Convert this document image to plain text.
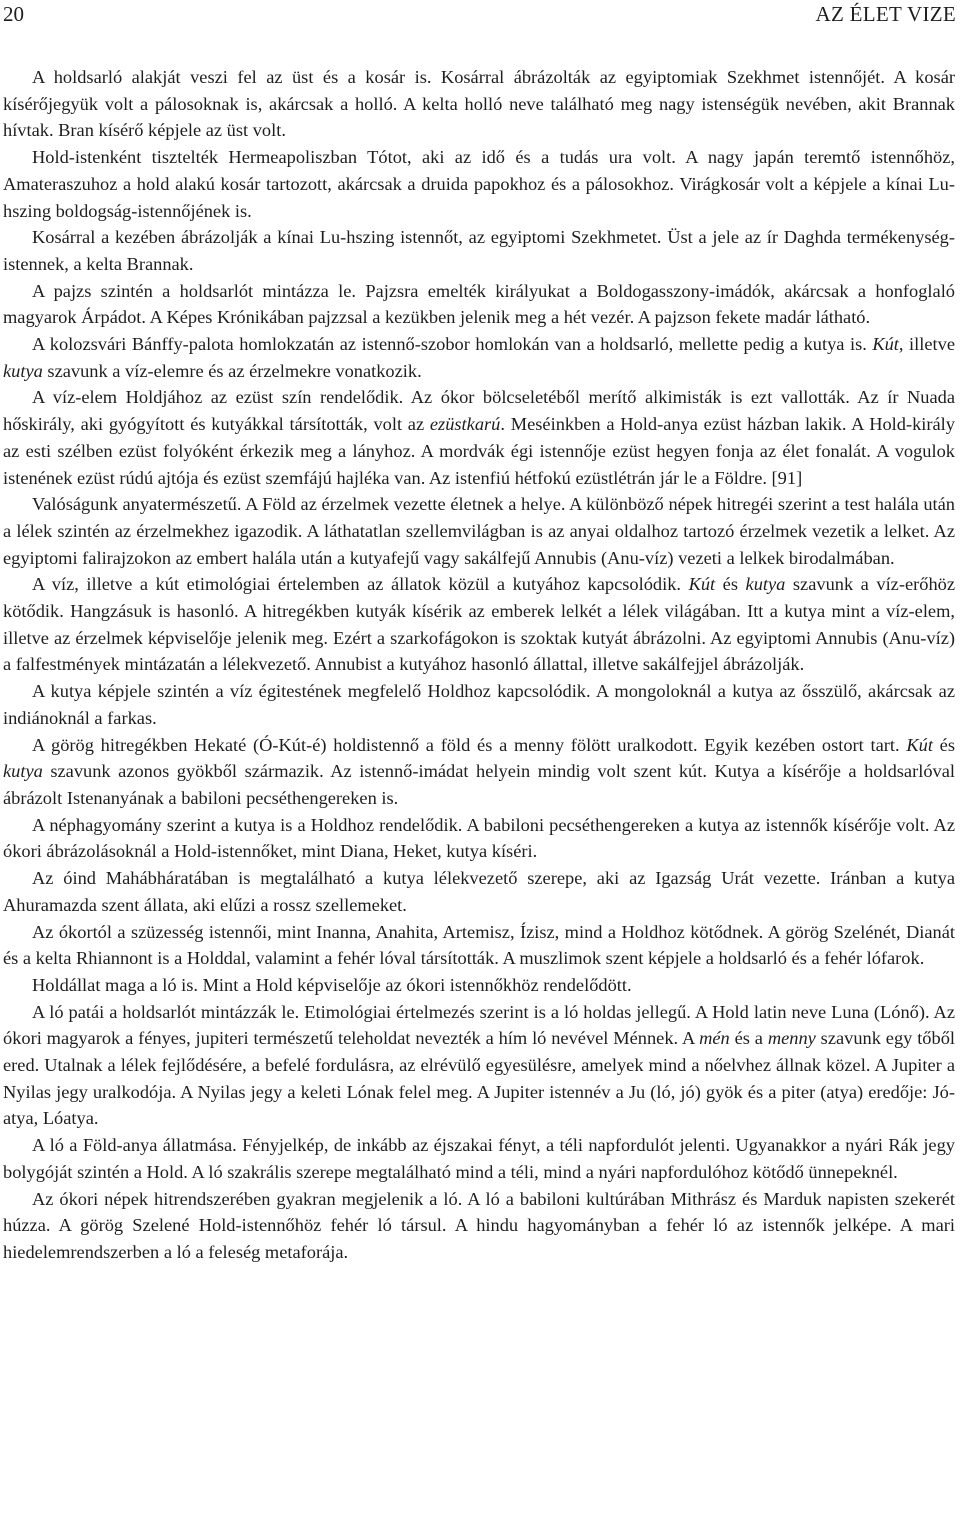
20	AZ ÉLET VIZE

A holdsarló alakját veszi fel az üst és a kosár is. Kosárral ábrázolták az egyiptomiak Szekhmet istennőjét. A kosár kísérőjegyük volt a pálosoknak is, akárcsak a holló. A kelta holló neve található meg nagy istenségük nevében, akit Brannak hívtak. Bran kísérő képjele az üst volt.

Hold-istenként tisztelték Hermeapoliszban Tótot, aki az idő és a tudás ura volt. A nagy japán teremtő istennőhöz, Amateraszuhoz a hold alakú kosár tartozott, akárcsak a druida papokhoz és a pálosokhoz. Virágkosár volt a képjele a kínai Lu-hszing boldogság-istennőjének is.

Kosárral a kezében ábrázolják a kínai Lu-hszing istennőt, az egyiptomi Szekhmetet. Üst a jele az ír Daghda termékenység-istennek, a kelta Brannak.

A pajzs szintén a holdsarlót mintázza le. Pajzsra emelték királyukat a Boldogasszony-imádók, akárcsak a honfoglaló magyarok Árpádot. A Képes Krónikában pajzzsal a kezükben jelenik meg a hét vezér. A pajzson fekete madár látható.

A kolozsvári Bánffy-palota homlokzatán az istennő-szobor homlokán van a holdsarló, mellette pedig a kutya is. Kút, illetve kutya szavunk a víz-elemre és az érzelmekre vonatkozik.

A víz-elem Holdjához az ezüst szín rendelődik. Az ókor bölcseletéből merítő alkimisták is ezt vallották. Az ír Nuada hőskirály, aki gyógyított és kutyákkal társították, volt az ezüstkarú. Meséinkben a Hold-anya ezüst házban lakik. A Hold-király az esti szélben ezüst folyóként érkezik meg a lányhoz. A mordvák égi istennője ezüst hegyen fonja az élet fonalát. A vogulok istenének ezüst rúdú ajtója és ezüst szemfájú hajléka van. Az istenfiú hétfokú ezüstlétrán jár le a Földre. [91]

Valóságunk anyatermészetű. A Föld az érzelmek vezette életnek a helye. A különböző népek hitregéi szerint a test halála után a lélek szintén az érzelmekhez igazodik. A láthatatlan szellemvilágban is az anyai oldalhoz tartozó érzelmek vezetik a lelket. Az egyiptomi falirajzokon az embert halála után a kutyafejű vagy sakálfejű Annubis (Anu-víz) vezeti a lelkek birodalmában.

A víz, illetve a kút etimológiai értelemben az állatok közül a kutyához kapcsolódik. Kút és kutya szavunk a víz-erőhöz kötődik. Hangzásuk is hasonló. A hitregékben kutyák kísérik az emberek lelkét a lélek világában. Itt a kutya mint a víz-elem, illetve az érzelmek képviselője jelenik meg. Ezért a szarkofágokon is szoktak kutyát ábrázolni. Az egyiptomi Annubis (Anu-víz) a falfestmények mintázatán a lélekvezető. Annubist a kutyához hasonló állattal, illetve sakálfejjel ábrázolják.

A kutya képjele szintén a víz égitestének megfelelő Holdhoz kapcsolódik. A mongoloknál a kutya az ősszülő, akárcsak az indiánoknál a farkas.

A görög hitregékben Hekaté (Ó-Kút-é) holdistennő a föld és a menny fölött uralkodott. Egyik kezében ostort tart. Kút és kutya szavunk azonos gyökből származik. Az istennő-imádat helyein mindig volt szent kút. Kutya a kísérője a holdsarlóval ábrázolt Istenanyának a babiloni pecséthengereken is.

A néphagyomány szerint a kutya is a Holdhoz rendelődik. A babiloni pecséthengereken a kutya az istennők kísérője volt. Az ókori ábrázolásoknál a Hold-istennőket, mint Diana, Heket, kutya kíséri.

Az óind Mahábháratában is megtalálható a kutya lélekvezető szerepe, aki az Igazság Urát vezette. Iránban a kutya Ahuramazda szent állata, aki elűzi a rossz szellemeket.

Az ókortól a szüzesség istennői, mint Inanna, Anahita, Artemisz, Ízisz, mind a Holdhoz kötődnek. A görög Szelénét, Dianát és a kelta Rhiannont is a Holddal, valamint a fehér lóval társították. A muszlimok szent képjele a holdsarló és a fehér lófarok.

Holdállat maga a ló is. Mint a Hold képviselője az ókori istennőkhöz rendelődött.

A ló patái a holdsarlót mintázzák le. Etimológiai értelmezés szerint is a ló holdas jellegű. A Hold latin neve Luna (Lónő). Az ókori magyarok a fényes, jupiteri természetű teleholdat nevezték a hím ló nevével Ménnek. A mén és a menny szavunk egy tőből ered. Utalnak a lélek fejlődésére, a befelé fordulásra, az elrévülő egyesülésre, amelyek mind a nőelvhez állnak közel. A Jupiter a Nyilas jegy uralkodója. A Nyilas jegy a keleti Lónak felel meg. A Jupiter istennév a Ju (ló, jó) gyök és a piter (atya) eredője: Jó-atya, Lóatya.

A ló a Föld-anya állatmása. Fényjelkép, de inkább az éjszakai fényt, a téli napfordulót jelenti. Ugyanakkor a nyári Rák jegy bolygóját szintén a Hold. A ló szakrális szerepe megtalálható mind a téli, mind a nyári napfordulóhoz kötődő ünnepeknél.

Az ókori népek hitrendszerében gyakran megjelenik a ló. A ló a babiloni kultúrában Mithrász és Marduk napisten szekerét húzza. A görög Szelené Hold-istennőhöz fehér ló társul. A hindu hagyományban a fehér ló az istennők jelképe. A mari hiedelemrendszerben a ló a feleség metaforája.
